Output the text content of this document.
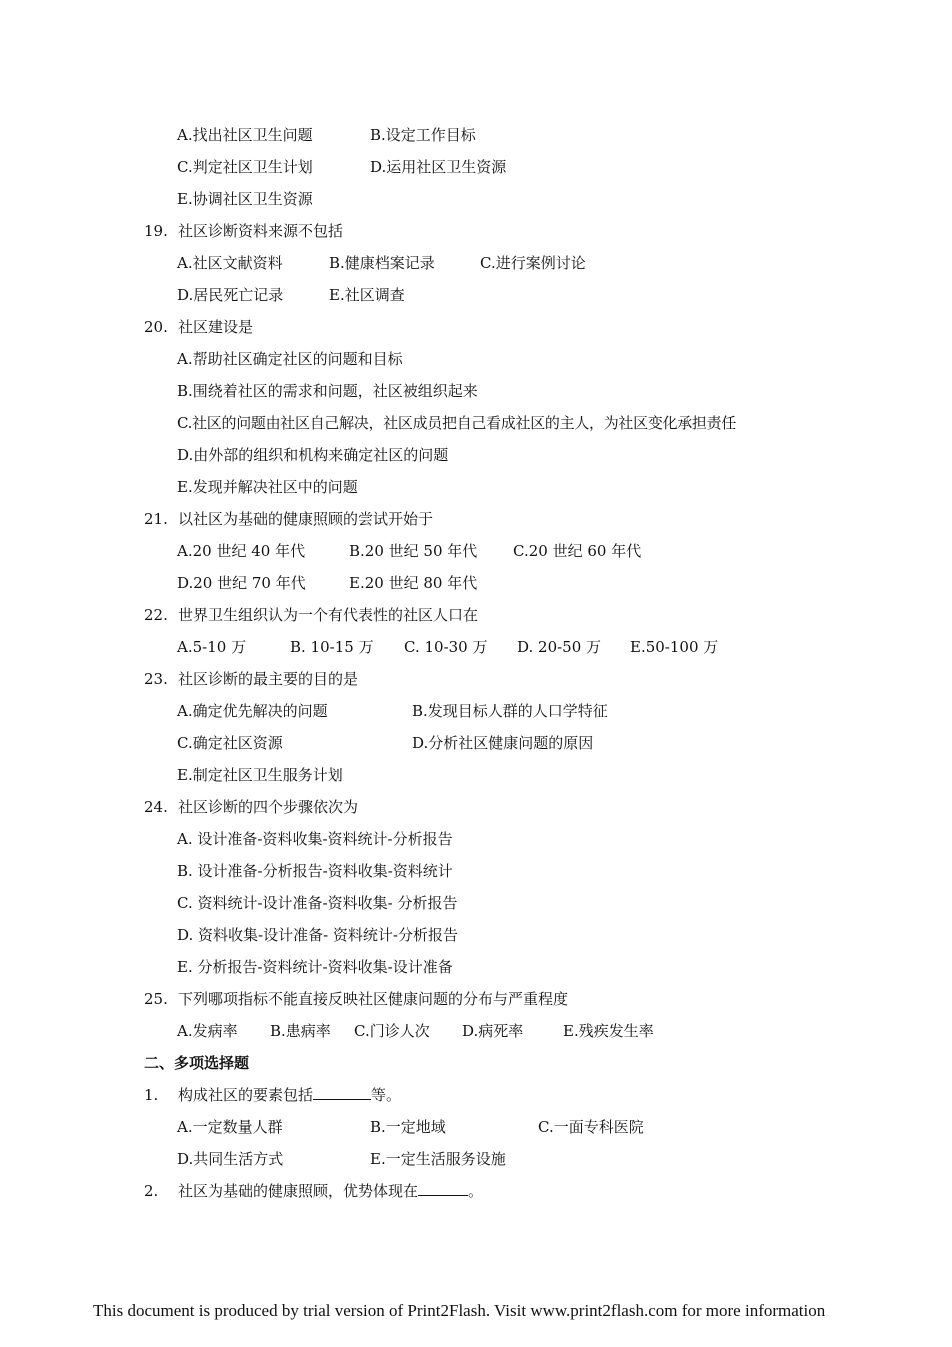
A.找出社区卫生问题	B.设定工作目标
C.判定社区卫生计划	D.运用社区卫生资源
E.协调社区卫生资源
19. 社区诊断资料来源不包括
A.社区文献资料	B.健康档案记录	C.进行案例讨论
D.居民死亡记录	E.社区调查
20. 社区建设是
A.帮助社区确定社区的问题和目标
B.围绕着社区的需求和问题，社区被组织起来
C.社区的问题由社区自己解决，社区成员把自己看成社区的主人，为社区变化承担责任
D.由外部的组织和机构来确定社区的问题
E.发现并解决社区中的问题
21. 以社区为基础的健康照顾的尝试开始于
A.20 世纪 40 年代	B.20 世纪 50 年代 C.20 世纪 60 年代
D.20 世纪 70 年代	E.20 世纪 80 年代
22. 世界卫生组织认为一个有代表性的社区人口在
A.5-10 万	B. 10-15 万 C. 10-30 万 D. 20-50 万 E.50-100 万
23. 社区诊断的最主要的目的是
A.确定优先解决的问题	B.发现目标人群的人口学特征
C.确定社区资源	D.分析社区健康问题的原因
E.制定社区卫生服务计划
24. 社区诊断的四个步骤依次为
A. 设计准备-资料收集-资料统计-分析报告
B. 设计准备-分析报告-资料收集-资料统计
C. 资料统计-设计准备-资料收集- 分析报告
D. 资料收集-设计准备- 资料统计-分析报告
E. 分析报告-资料统计-资料收集-设计准备
25. 下列哪项指标不能直接反映社区健康问题的分布与严重程度
A.发病率 B.患病率 C.门诊人次 D.病死率	E.残疾发生率
二、多项选择题
1. 构成社区的要素包括	等。
A.一定数量人群	B.一定地域	C.一面专科医院
D.共同生活方式	E.一定生活服务设施
2. 社区为基础的健康照顾，优势体现在	。
This document is produced by trial version of Print2Flash. Visit www.print2flash.com for more information
